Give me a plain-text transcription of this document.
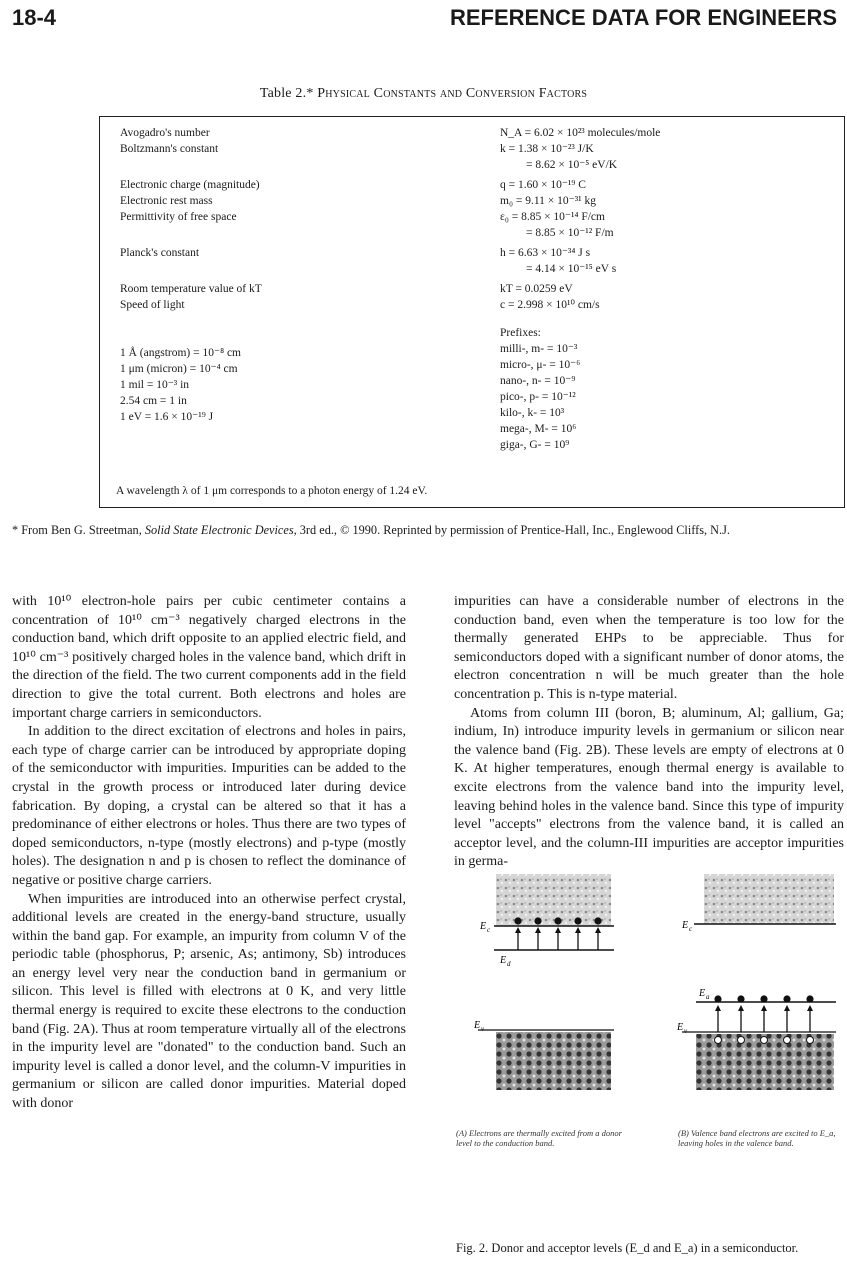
18-4	REFERENCE DATA FOR ENGINEERS
Table 2.* Physical Constants and Conversion Factors
A wavelength λ of 1 μm corresponds to a photon energy of 1.24 eV.
Avogadro's number
Boltzmann's constant
Electronic charge (magnitude)
Electronic rest mass
Permittivity of free space
Planck's constant
Room temperature value of kT
Speed of light
1 Å (angstrom) = 10⁻⁸ cm
1 μm (micron) = 10⁻⁴ cm
1 mil = 10⁻³ in
2.54 cm = 1 in
1 eV = 1.6 × 10⁻¹⁹ J
N_A = 6.02 × 10²³ molecules/mole
k = 1.38 × 10⁻²³ J/K
= 8.62 × 10⁻⁵ eV/K
q = 1.60 × 10⁻¹⁹ C
m₀ = 9.11 × 10⁻³¹ kg
ε₀ = 8.85 × 10⁻¹⁴ F/cm
= 8.85 × 10⁻¹² F/m
h = 6.63 × 10⁻³⁴ J s
= 4.14 × 10⁻¹⁵ eV s
kT = 0.0259 eV
c = 2.998 × 10¹⁰ cm/s
Prefixes:
milli-, m- = 10⁻³
micro-, μ- = 10⁻⁶
nano-, n- = 10⁻⁹
pico-, p- = 10⁻¹²
kilo-, k- = 10³
mega-, M- = 10⁶
giga-, G- = 10⁹
* From Ben G. Streetman, Solid State Electronic Devices, 3rd ed., © 1990. Reprinted by permission of Prentice-Hall, Inc., Englewood Cliffs, N.J.

with 10¹⁰ electron-hole pairs per cubic centimeter contains a concentration of 10¹⁰ cm⁻³ negatively charged electrons in the conduction band, which drift opposite to an applied electric field, and 10¹⁰ cm⁻³ positively charged holes in the valence band, which drift in the direction of the field. The two current components add in the field direction to give the total current. Both electrons and holes are important charge carriers in semiconductors.

In addition to the direct excitation of electrons and holes in pairs, each type of charge carrier can be introduced by appropriate doping of the semiconductor with impurities. Impurities can be added to the crystal in the growth process or introduced later during device fabrication. By doping, a crystal can be altered so that it has a predominance of either electrons or holes. Thus there are two types of doped semiconductors, n-type (mostly electrons) and p-type (mostly holes). The designation n and p is chosen to reflect the dominance of negative or positive charge carriers.

When impurities are introduced into an otherwise perfect crystal, additional levels are created in the energy-band structure, usually within the band gap. For example, an impurity from column V of the periodic table (phosphorus, P; arsenic, As; antimony, Sb) introduces an energy level very near the conduction band in germanium or silicon. This level is filled with electrons at 0 K, and very little thermal energy is required to excite these electrons to the conduction band (Fig. 2A). Thus at room temperature virtually all of the electrons in the impurity level are "donated" to the conduction band. Such an impurity level is called a donor level, and the column-V impurities in germanium or silicon are called donor impurities. Material doped with donor

impurities can have a considerable number of electrons in the conduction band, even when the temperature is too low for the thermally generated EHPs to be appreciable. Thus for semiconductors doped with a significant number of donor atoms, the electron concentration n will be much greater than the hole concentration p. This is n-type material.

Atoms from column III (boron, B; aluminum, Al; gallium, Ga; indium, In) introduce impurity levels in germanium or silicon near the valence band (Fig. 2B). These levels are empty of electrons at 0 K. At higher temperatures, enough thermal energy is available to excite electrons from the valence band into the impurity level, leaving behind holes in the valence band. Since this type of impurity level "accepts" electrons from the valence band, it is called an acceptor level, and the column-III impurities are acceptor impurities in germa-

E c
E d
E v
E c
E a
E v
(A) Electrons are thermally excited from a donor level to the conduction band.
(B) Valence band electrons are excited to E_a, leaving holes in the valence band.
Fig. 2. Donor and acceptor levels (E_d and E_a) in a semiconductor.
